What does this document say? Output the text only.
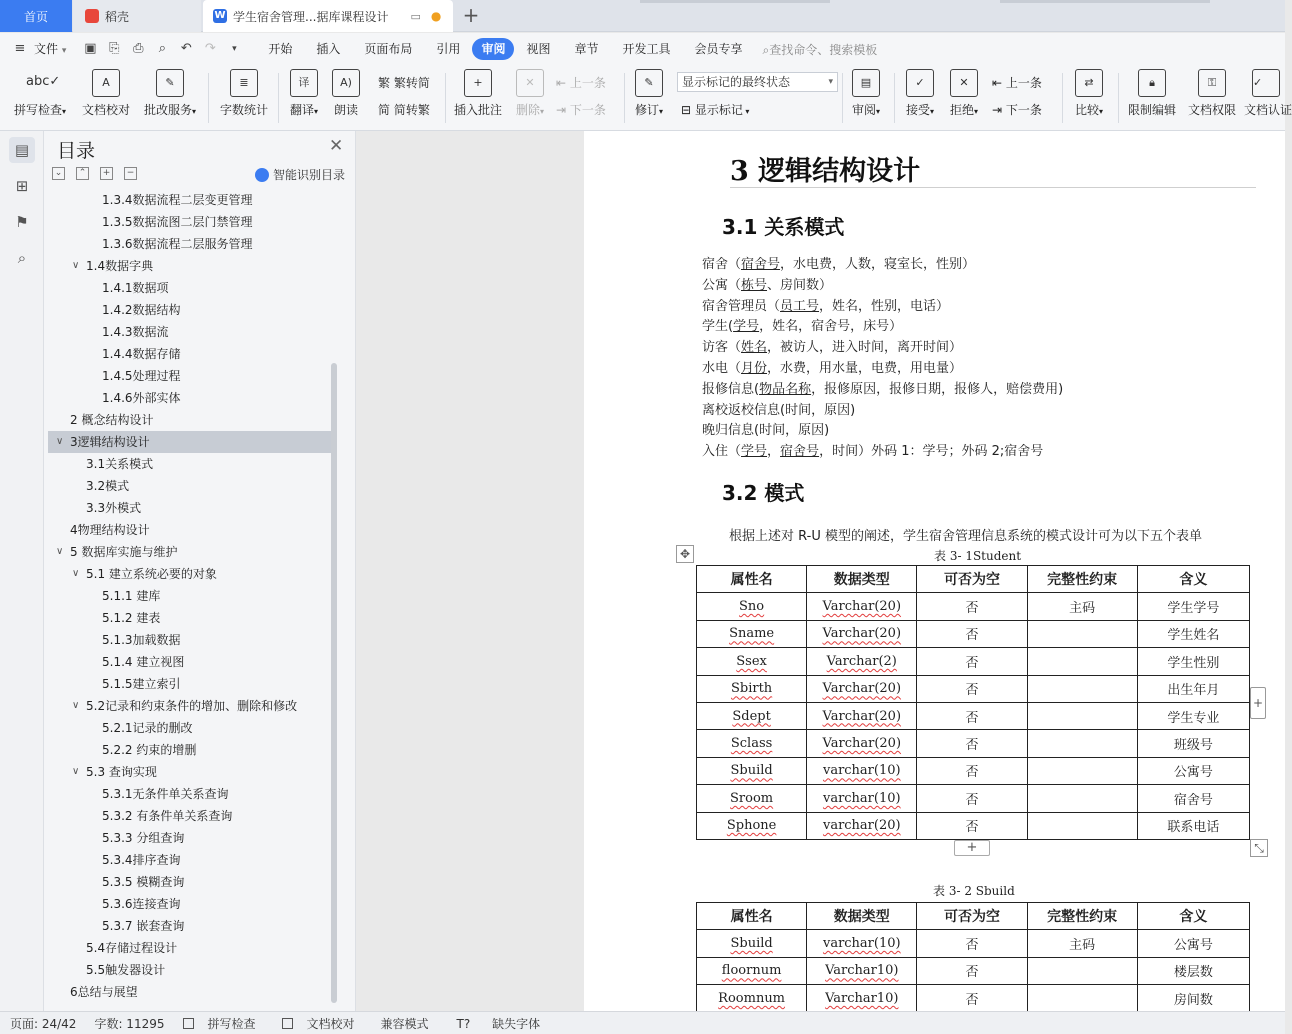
首页	稻壳	W 学生宿舍管理...据库课程设计 ▭ ● +
≡ 文件 ▾	▣ ⎘ ⎙	⌕	↶ ↷	▾	开始	插入	页面布局	引用	审阅	视图	章节	开发工具	会员专享	⌕查找命令、搜索模板
abc✓
拼写检查▾
A
文档校对
✎
批改服务▾
≣
字数统计
译
翻译▾
A)
朗读
繁 繁转简
简 简转繁
+
插入批注
✕
删除▾
⇤ 上一条
⇥ 下一条
✎
修订▾
显示标记的最终状态	▾
⊟ 显示标记 ▾
▤
审阅▾
✓
接受▾
✕
拒绝▾
⇤ 上一条
⇥ 下一条
⇄
比较▾
🔒︎
限制编辑
⚿
文档权限
✓
文档认证
▤
⊞
⚑
⌕
目录	✕
⌄	⌃	+	−	智能识别目录
1.3.4数据流程二层变更管理
1.3.5数据流图二层门禁管理
1.3.6数据流程二层服务管理
∨ 1.4数据字典
1.4.1数据项
1.4.2数据结构
1.4.3数据流
1.4.4数据存储
1.4.5处理过程
1.4.6外部实体
2 概念结构设计
∨ 3逻辑结构设计
3.1关系模式
3.2模式
3.3外模式
4物理结构设计
∨ 5 数据库实施与维护
∨ 5.1 建立系统必要的对象
5.1.1 建库
5.1.2 建表
5.1.3加载数据
5.1.4 建立视图
5.1.5建立索引
∨ 5.2记录和约束条件的增加、删除和修改
5.2.1记录的删改
5.2.2 约束的增删
∨ 5.3 查询实现
5.3.1无条件单关系查询
5.3.2 有条件单关系查询
5.3.3 分组查询
5.3.4排序查询
5.3.5 模糊查询
5.3.6连接查询
5.3.7 嵌套查询
5.4存储过程设计
5.5触发器设计
6总结与展望
3 逻辑结构设计
3.1 关系模式
宿舍（宿舍号，水电费，人数，寝室长，性别）
公寓（栋号、房间数）
宿舍管理员（员工号，姓名，性别，电话）
学生(学号，姓名，宿舍号，床号）
访客（姓名，被访人，进入时间，离开时间）
水电（月份，水费，用水量，电费，用电量）
报修信息(物品名称，报修原因，报修日期，报修人，赔偿费用)
离校返校信息(时间，原因)
晚归信息(时间，原因)
入住（学号，宿舍号，时间）外码 1：学号；外码 2;宿舍号
3.2 模式
根据上述对 R-U 模型的阐述，学生宿舍管理信息系统的模式设计可为以下五个表单
✥	表 3- 1Student
属性名	数据类型	可否为空	完整性约束	含义
Sno	Varchar(20)	否	主码	学生学号
Sname	Varchar(20)	否		学生姓名
Ssex	Varchar(2)	否		学生性别
Sbirth	Varchar(20)	否		出生年月
Sdept	Varchar(20)	否		学生专业
Sclass	Varchar(20)	否		班级号
Sbuild	varchar(10)	否		公寓号
Sroom	varchar(10)	否		宿舍号
Sphone	varchar(20)	否		联系电话
+	⤡
表 3- 2 Sbuild
属性名	数据类型	可否为空	完整性约束	含义
Sbuild	varchar(10)	否	主码	公寓号
floornum	Varchar10)	否		楼层数
Roomnum	Varchar10)	否		房间数
+
页面: 24/42 字数: 11295	拼写检查	文档校对	兼容模式	T? 缺失字体
